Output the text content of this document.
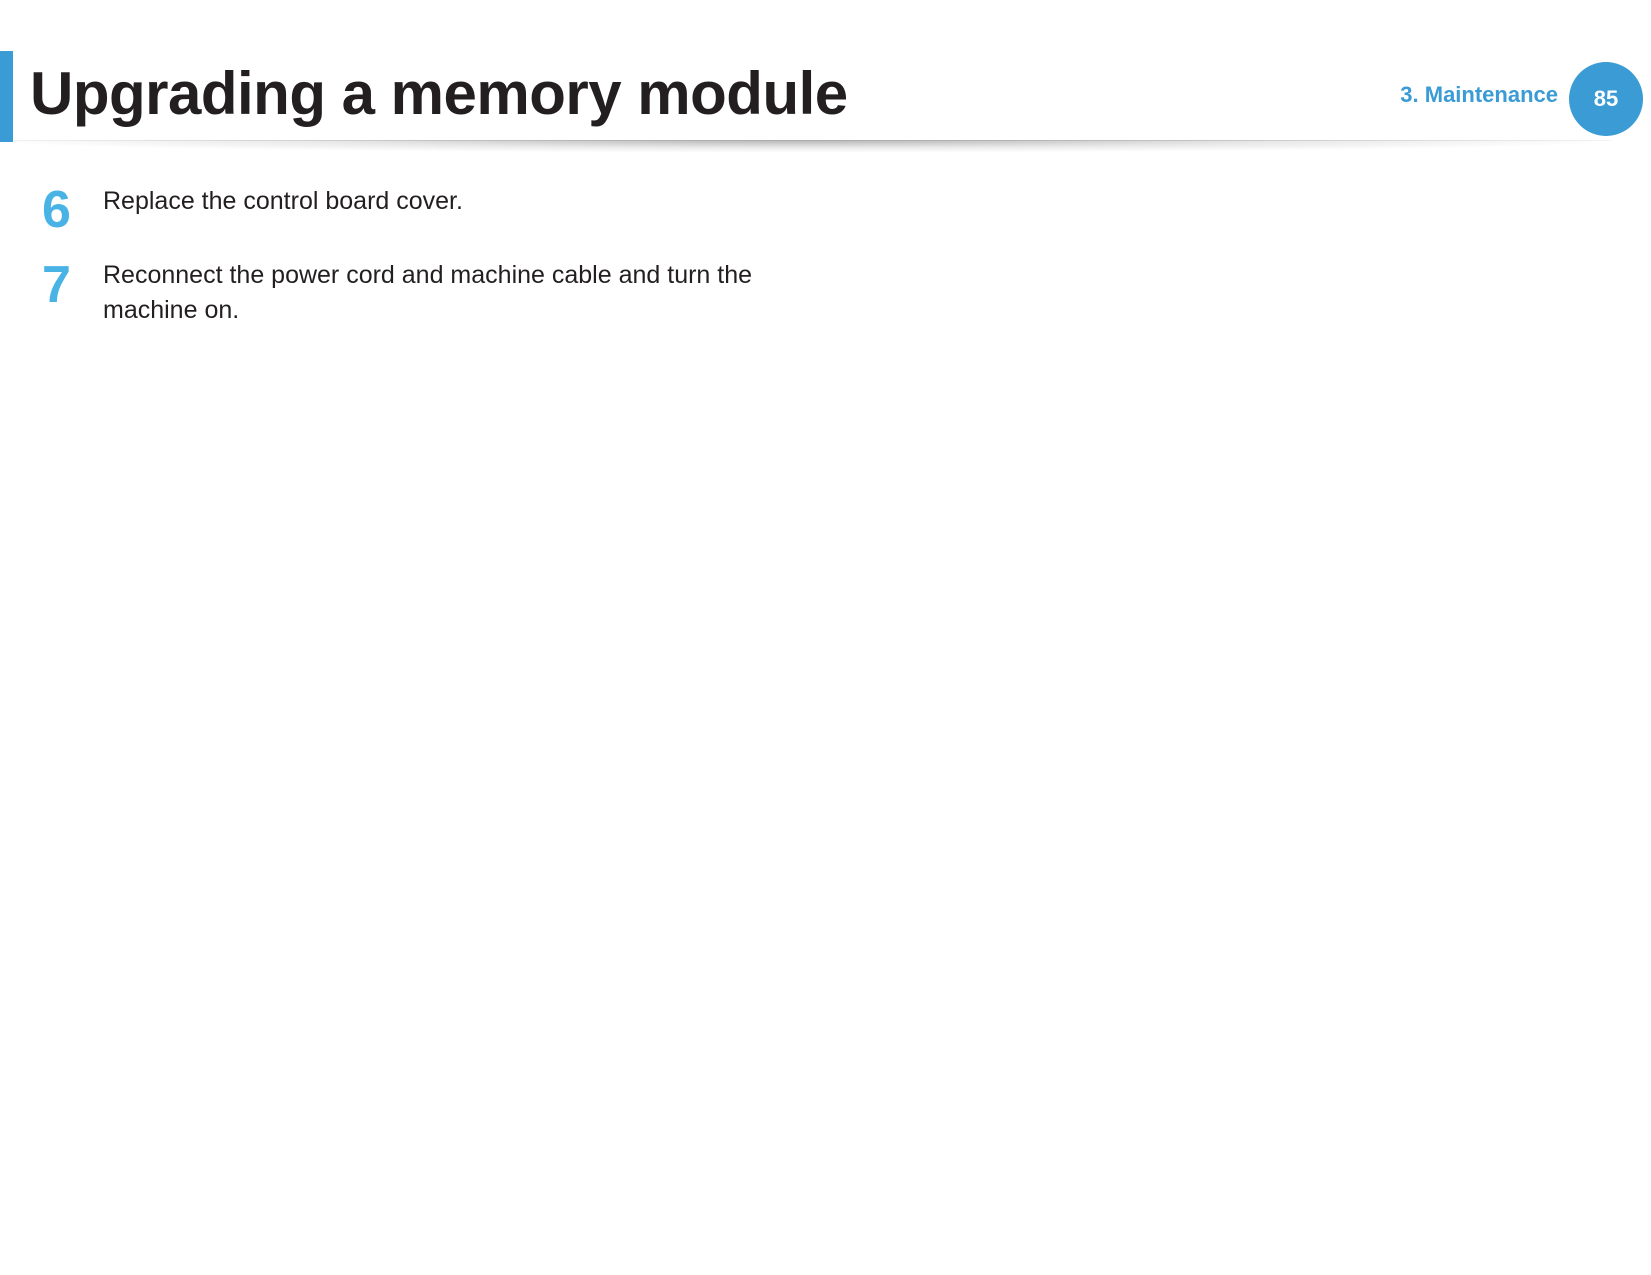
Upgrading a memory module	3. Maintenance 85
6 Replace the control board cover.
7 Reconnect the power cord and machine cable and turn the machine on.
